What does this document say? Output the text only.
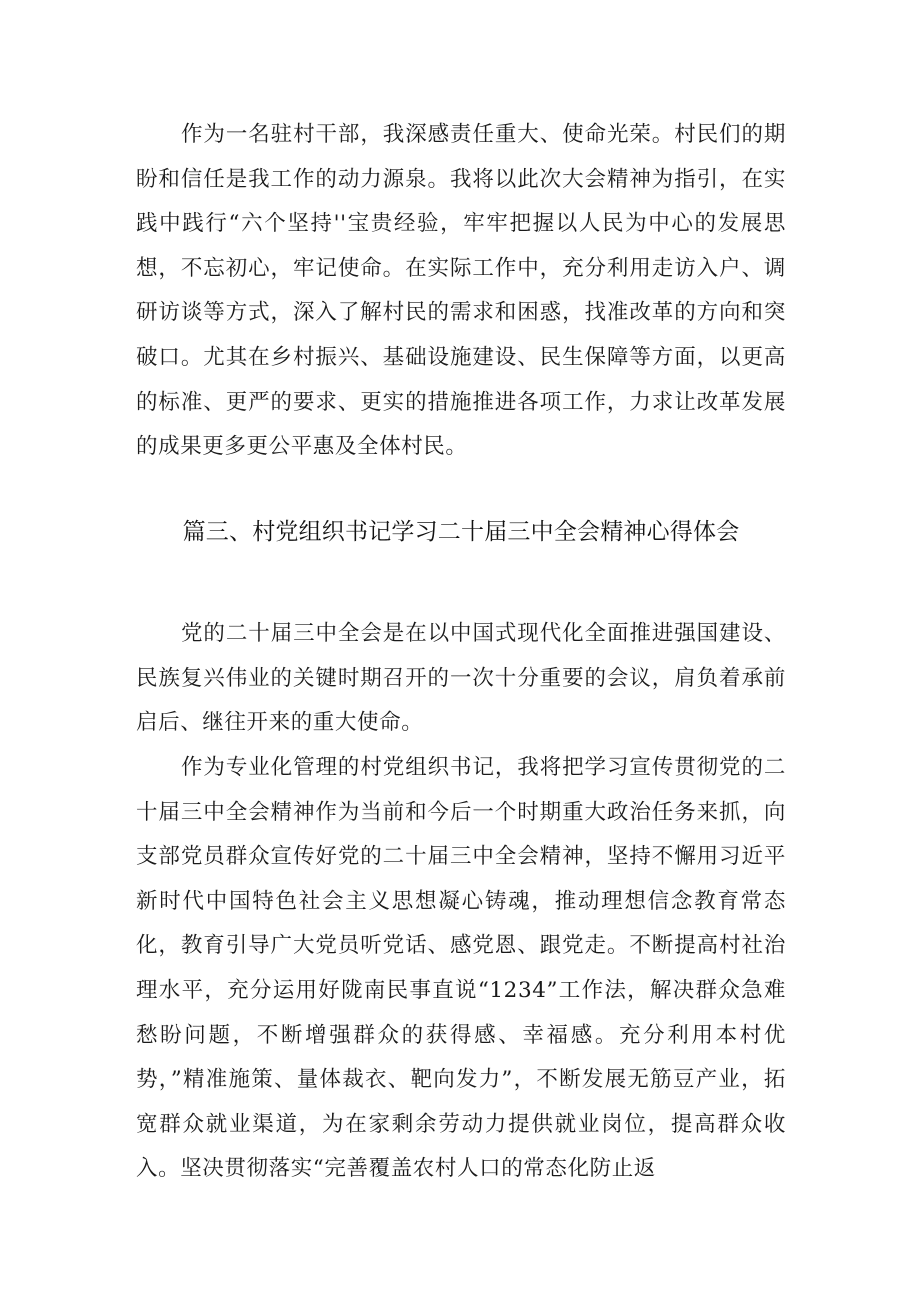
作为一名驻村干部，我深感责任重大、使命光荣。村民们的期盼和信任是我工作的动力源泉。我将以此次大会精神为指引，在实践中践行“六个坚持''宝贵经验，牢牢把握以人民为中心的发展思想，不忘初心，牢记使命。在实际工作中，充分利用走访入户、调研访谈等方式，深入了解村民的需求和困惑，找准改革的方向和突破口。尤其在乡村振兴、基础设施建设、民生保障等方面，以更高的标准、更严的要求、更实的措施推进各项工作，力求让改革发展的成果更多更公平惠及全体村民。

篇三、村党组织书记学习二十届三中全会精神心得体会

党的二十届三中全会是在以中国式现代化全面推进强国建设、民族复兴伟业的关键时期召开的一次十分重要的会议，肩负着承前启后、继往开来的重大使命。

作为专业化管理的村党组织书记，我将把学习宣传贯彻党的二十届三中全会精神作为当前和今后一个时期重大政治任务来抓，向支部党员群众宣传好党的二十届三中全会精神，坚持不懈用习近平新时代中国特色社会主义思想凝心铸魂，推动理想信念教育常态化，教育引导广大党员听党话、感党恩、跟党走。不断提高村社治理水平，充分运用好陇南民事直说“1234”工作法，解决群众急难愁盼问题，不断增强群众的获得感、幸福感。充分利用本村优势，”精准施策、量体裁衣、靶向发力”，不断发展无筋豆产业，拓宽群众就业渠道，为在家剩余劳动力提供就业岗位，提高群众收入。坚决贯彻落实“完善覆盖农村人口的常态化防止返
